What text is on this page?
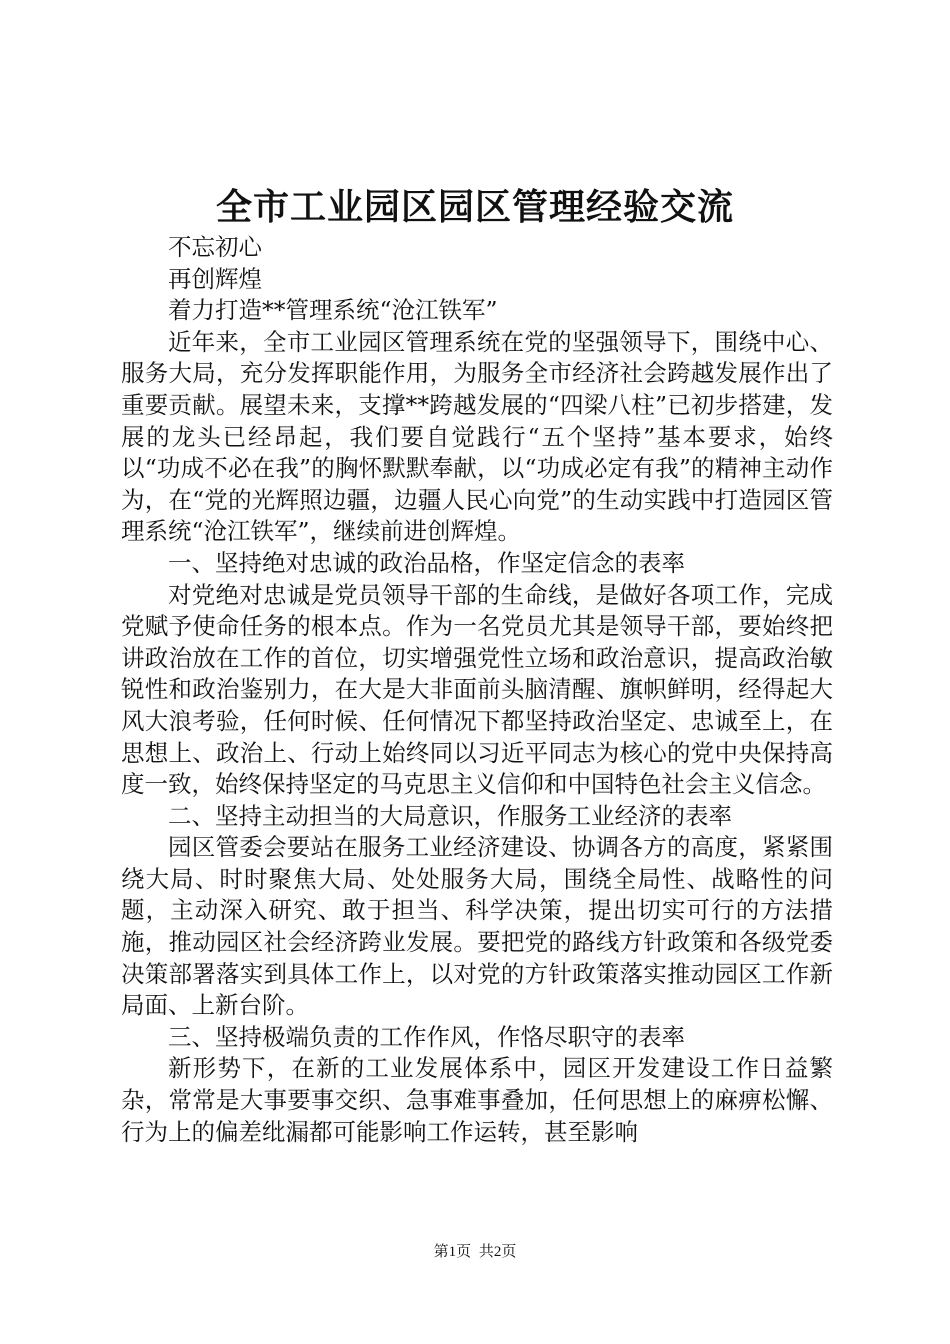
全市工业园区园区管理经验交流

不忘初心

再创辉煌

着力打造**管理系统“沧江铁军”

近年来，全市工业园区管理系统在党的坚强领导下，围绕中心、服务大局，充分发挥职能作用，为服务全市经济社会跨越发展作出了重要贡献。展望未来，支撑**跨越发展的“四梁八柱”已初步搭建，发展的龙头已经昂起，我们要自觉践行“五个坚持”基本要求，始终以“功成不必在我”的胸怀默默奉献，以“功成必定有我”的精神主动作为，在“党的光辉照边疆，边疆人民心向党”的生动实践中打造园区管理系统“沧江铁军”，继续前进创辉煌。

一、坚持绝对忠诚的政治品格，作坚定信念的表率

对党绝对忠诚是党员领导干部的生命线，是做好各项工作，完成党赋予使命任务的根本点。作为一名党员尤其是领导干部，要始终把讲政治放在工作的首位，切实增强党性立场和政治意识，提高政治敏锐性和政治鉴别力，在大是大非面前头脑清醒、旗帜鲜明，经得起大风大浪考验，任何时候、任何情况下都坚持政治坚定、忠诚至上，在思想上、政治上、行动上始终同以习近平同志为核心的党中央保持高度一致，始终保持坚定的马克思主义信仰和中国特色社会主义信念。

二、坚持主动担当的大局意识，作服务工业经济的表率

园区管委会要站在服务工业经济建设、协调各方的高度，紧紧围绕大局、时时聚焦大局、处处服务大局，围绕全局性、战略性的问题，主动深入研究、敢于担当、科学决策，提出切实可行的方法措施，推动园区社会经济跨业发展。要把党的路线方针政策和各级党委决策部署落实到具体工作上，以对党的方针政策落实推动园区工作新局面、上新台阶。

三、坚持极端负责的工作作风，作恪尽职守的表率

新形势下，在新的工业发展体系中，园区开发建设工作日益繁杂，常常是大事要事交织、急事难事叠加，任何思想上的麻痹松懈、行为上的偏差纰漏都可能影响工作运转，甚至影响

第1页 共2页
